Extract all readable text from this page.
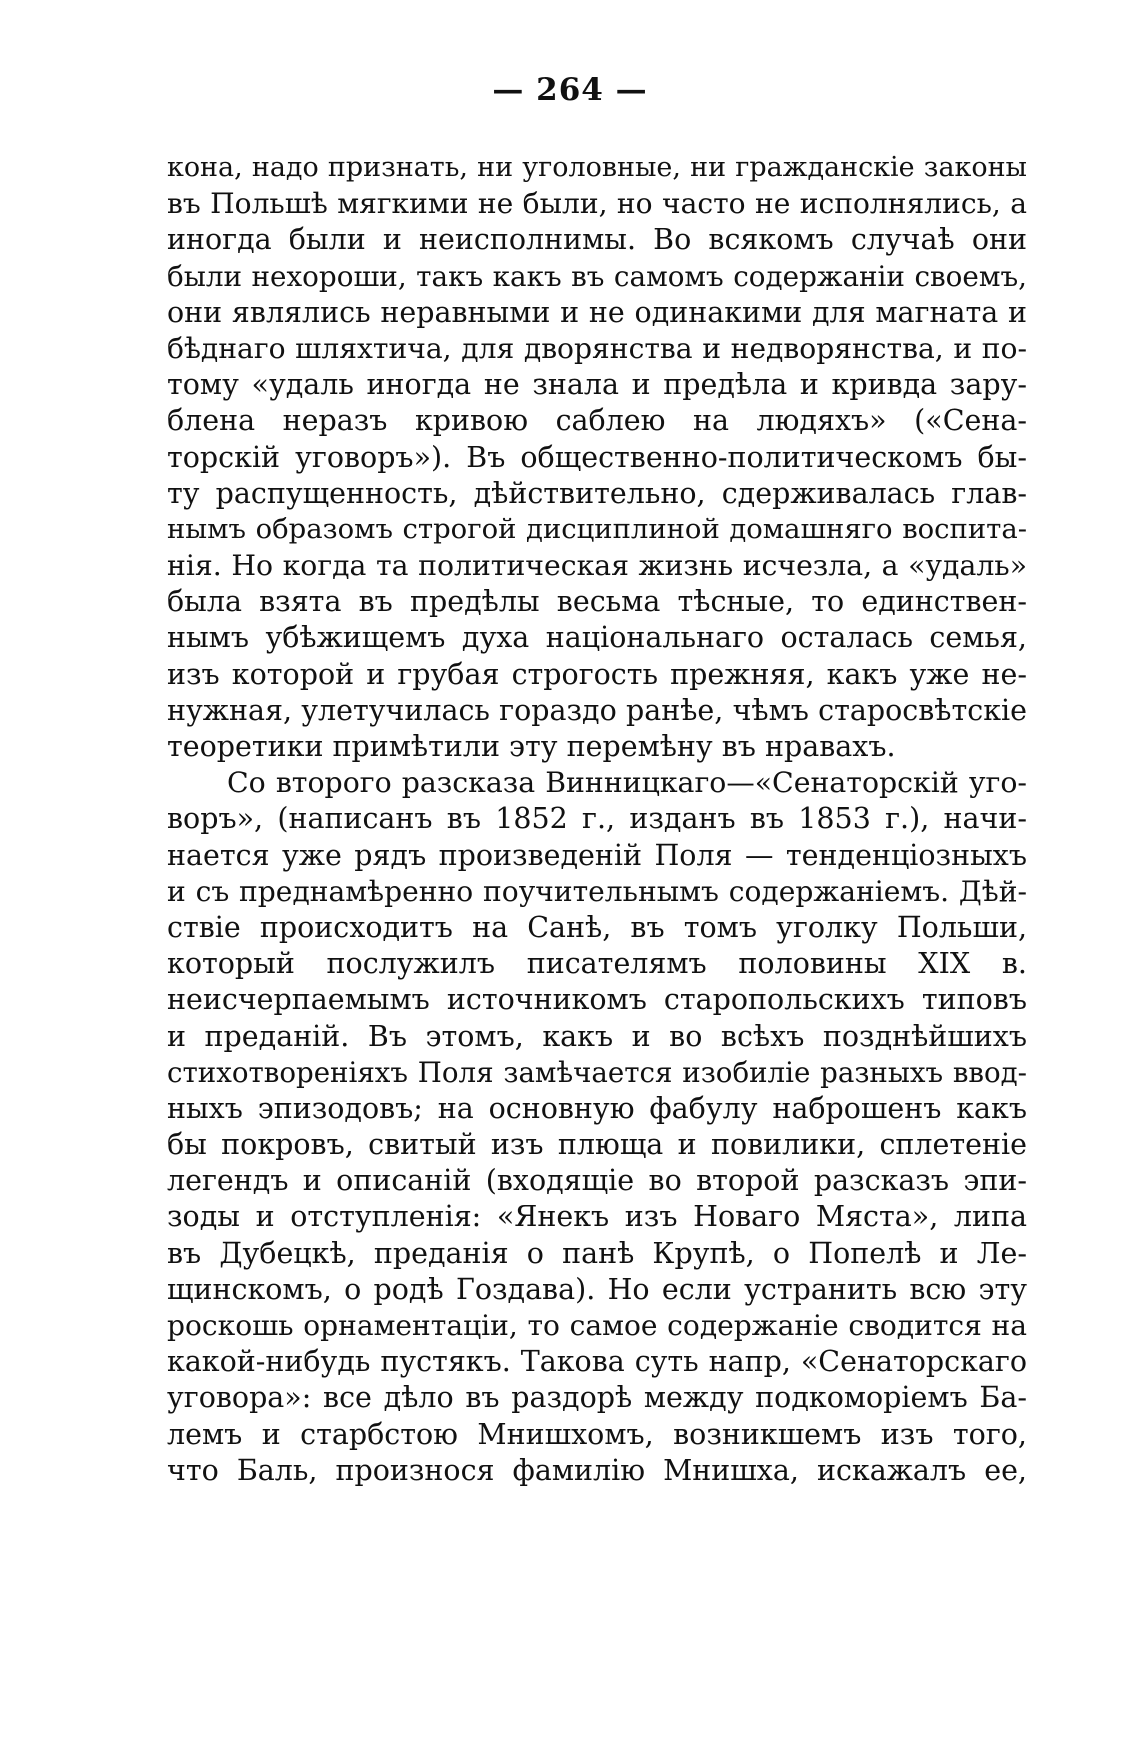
— 264 —
кона, надо признать, ни уголовные, ни гражданскіе законы
въ Польшѣ мягкими не были, но часто не исполнялись, а
иногда были и неисполнимы. Во всякомъ случаѣ они
были нехороши, такъ какъ въ самомъ содержаніи своемъ,
они являлись неравными и не одинакими для магната и
бѣднаго шляхтича, для дворянства и недворянства, и по-
тому «удаль иногда не знала и предѣла и кривда зару-
блена неразъ кривою саблею на людяхъ» («Сена-
торскій уговоръ»). Въ общественно-политическомъ бы-
ту распущенность, дѣйствительно, сдерживалась глав-
нымъ образомъ строгой дисциплиной домашняго воспита-
нія. Но когда та политическая жизнь исчезла, а «удаль»
была взята въ предѣлы весьма тѣсные, то единствен-
нымъ убѣжищемъ духа національнаго осталась семья,
изъ которой и грубая строгость прежняя, какъ уже не-
нужная, улетучилась гораздо ранѣе, чѣмъ старосвѣтскіе
теоретики примѣтили эту перемѣну въ нравахъ.
Со второго разсказа Винницкаго—«Сенаторскій уго-
воръ», (написанъ въ 1852 г., изданъ въ 1853 г.), начи-
нается уже рядъ произведеній Поля — тенденціозныхъ
и съ преднамѣренно поучительнымъ содержаніемъ. Дѣй-
ствіе происходитъ на Санѣ, въ томъ уголку Польши,
который послужилъ писателямъ половины XIX в.
неисчерпаемымъ источникомъ старопольскихъ типовъ
и преданій. Въ этомъ, какъ и во всѣхъ позднѣйшихъ
стихотвореніяхъ Поля замѣчается изобиліе разныхъ ввод-
ныхъ эпизодовъ; на основную фабулу наброшенъ какъ
бы покровъ, свитый изъ плюща и повилики, сплетеніе
легендъ и описаній (входящіе во второй разсказъ эпи-
зоды и отступленія: «Янекъ изъ Новаго Мяста», липа
въ Дубецкѣ, преданія о панѣ Крупѣ, о Попелѣ и Ле-
щинскомъ, о родѣ Гоздава). Но если устранить всю эту
роскошь орнаментаціи, то самое содержаніе сводится на
какой-нибудь пустякъ. Такова суть напр, «Сенаторскаго
уговора»: все дѣло въ раздорѣ между подкоморіемъ Ба-
лемъ и старбстою Мнишхомъ, возникшемъ изъ того,
что Баль, произнося фамилію Мнишха, искажалъ ее,
